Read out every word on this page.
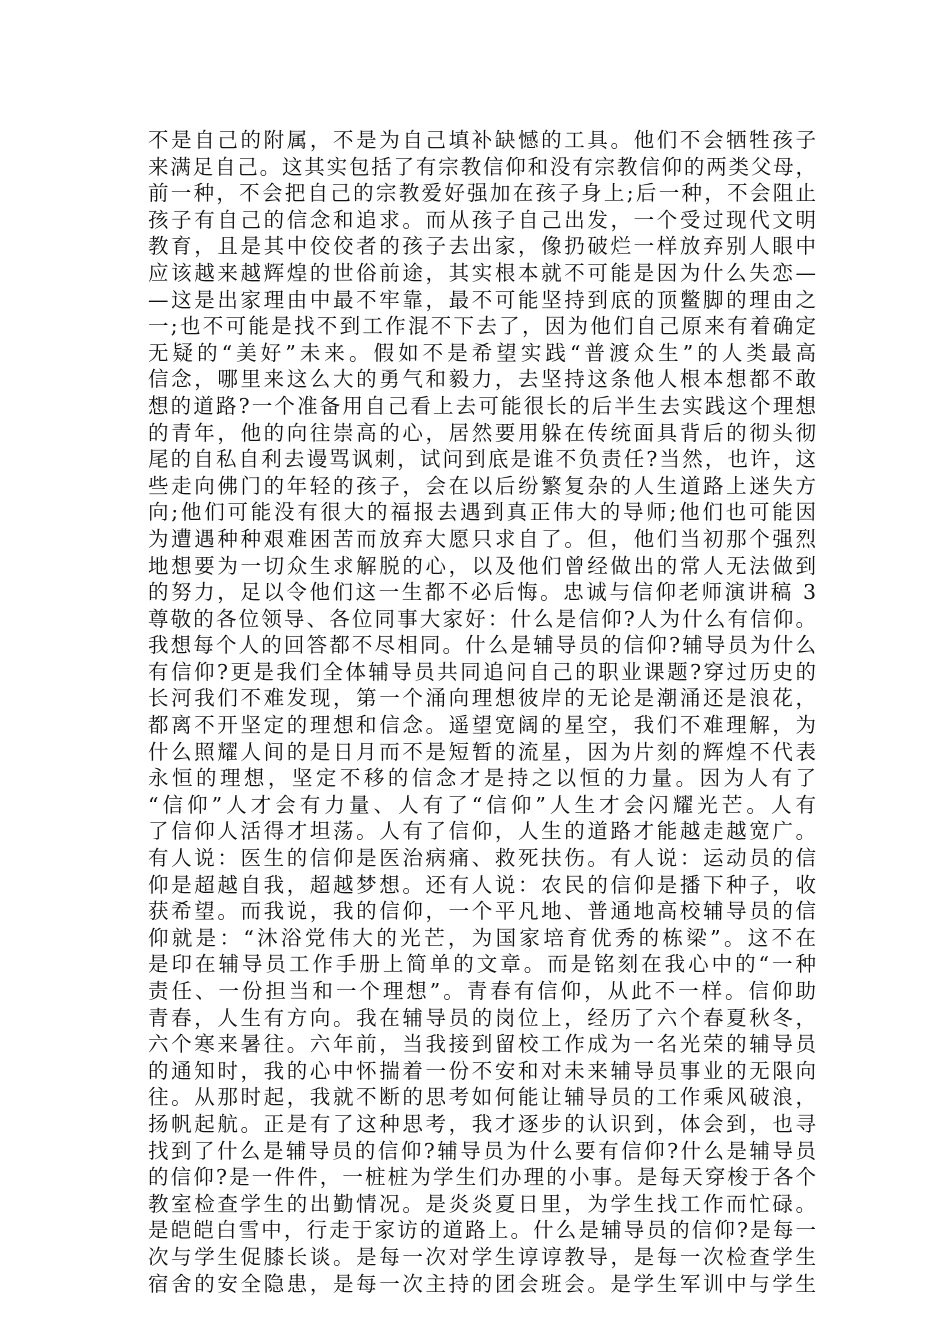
不是自己的附属，不是为自己填补缺憾的工具。他们不会牺牲孩子
来满足自己。这其实包括了有宗教信仰和没有宗教信仰的两类父母，
前一种，不会把自己的宗教爱好强加在孩子身上;后一种，不会阻止
孩子有自己的信念和追求。而从孩子自己出发，一个受过现代文明
教育，且是其中佼佼者的孩子去出家，像扔破烂一样放弃别人眼中
应该越来越辉煌的世俗前途，其实根本就不可能是因为什么失恋—
—这是出家理由中最不牢靠，最不可能坚持到底的顶鳖脚的理由之
一;也不可能是找不到工作混不下去了，因为他们自己原来有着确定
无疑的“美好”未来。假如不是希望实践“普渡众生”的人类最高
信念，哪里来这么大的勇气和毅力，去坚持这条他人根本想都不敢
想的道路?一个准备用自己看上去可能很长的后半生去实践这个理想
的青年，他的向往崇高的心，居然要用躲在传统面具背后的彻头彻
尾的自私自利去谩骂讽刺，试问到底是谁不负责任?当然，也许，这
些走向佛门的年轻的孩子，会在以后纷繁复杂的人生道路上迷失方
向;他们可能没有很大的福报去遇到真正伟大的导师;他们也可能因
为遭遇种种艰难困苦而放弃大愿只求自了。但，他们当初那个强烈
地想要为一切众生求解脱的心，以及他们曾经做出的常人无法做到
的努力，足以令他们这一生都不必后悔。忠诚与信仰老师演讲稿 3
尊敬的各位领导、各位同事大家好：什么是信仰?人为什么有信仰。
我想每个人的回答都不尽相同。什么是辅导员的信仰?辅导员为什么
有信仰?更是我们全体辅导员共同追问自己的职业课题?穿过历史的
长河我们不难发现，第一个涌向理想彼岸的无论是潮涌还是浪花，
都离不开坚定的理想和信念。遥望宽阔的星空，我们不难理解，为
什么照耀人间的是日月而不是短暂的流星，因为片刻的辉煌不代表
永恒的理想，坚定不移的信念才是持之以恒的力量。因为人有了
“信仰”人才会有力量、人有了“信仰”人生才会闪耀光芒。人有
了信仰人活得才坦荡。人有了信仰，人生的道路才能越走越宽广。
有人说：医生的信仰是医治病痛、救死扶伤。有人说：运动员的信
仰是超越自我，超越梦想。还有人说：农民的信仰是播下种子，收
获希望。而我说，我的信仰，一个平凡地、普通地高校辅导员的信
仰就是：“沐浴党伟大的光芒，为国家培育优秀的栋梁”。这不在
是印在辅导员工作手册上简单的文章。而是铭刻在我心中的“一种
责任、一份担当和一个理想”。青春有信仰，从此不一样。信仰助
青春，人生有方向。我在辅导员的岗位上，经历了六个春夏秋冬，
六个寒来暑往。六年前，当我接到留校工作成为一名光荣的辅导员
的通知时，我的心中怀揣着一份不安和对未来辅导员事业的无限向
往。从那时起，我就不断的思考如何能让辅导员的工作乘风破浪，
扬帆起航。正是有了这种思考，我才逐步的认识到，体会到，也寻
找到了什么是辅导员的信仰?辅导员为什么要有信仰?什么是辅导员
的信仰?是一件件，一桩桩为学生们办理的小事。是每天穿梭于各个
教室检查学生的出勤情况。是炎炎夏日里，为学生找工作而忙碌。
是皑皑白雪中，行走于家访的道路上。什么是辅导员的信仰?是每一
次与学生促膝长谈。是每一次对学生谆谆教导，是每一次检查学生
宿舍的安全隐患，是每一次主持的团会班会。是学生军训中与学生
